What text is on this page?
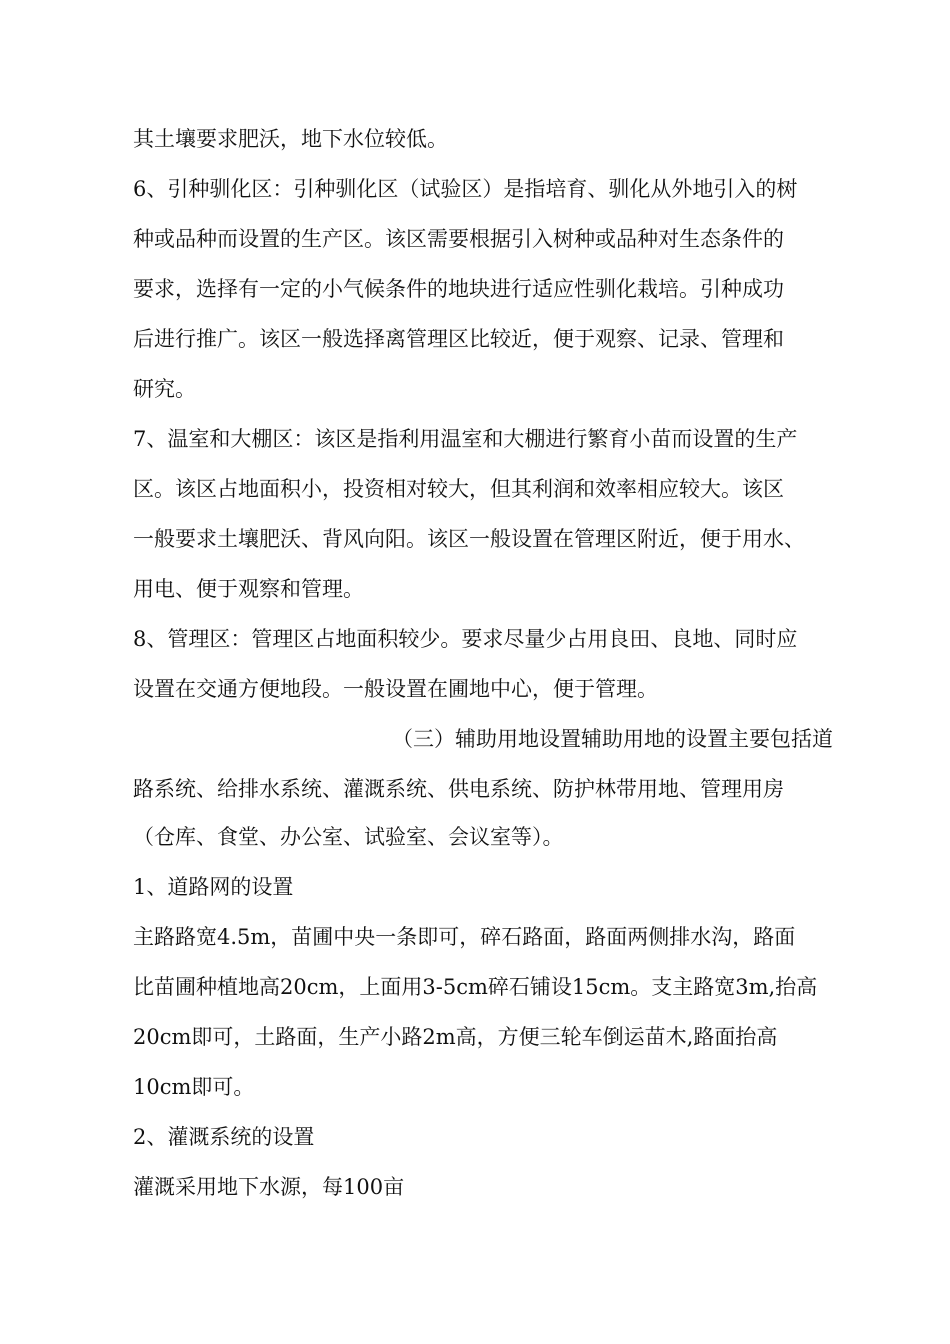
其土壤要求肥沃，地下水位较低。
6、引种驯化区：引种驯化区（试验区）是指培育、驯化从外地引入的树
种或品种而设置的生产区。该区需要根据引入树种或品种对生态条件的
要求，选择有一定的小气候条件的地块进行适应性驯化栽培。引种成功
后进行推广。该区一般选择离管理区比较近，便于观察、记录、管理和
研究。
7、温室和大棚区：该区是指利用温室和大棚进行繁育小苗而设置的生产
区。该区占地面积小，投资相对较大，但其利润和效率相应较大。该区
一般要求土壤肥沃、背风向阳。该区一般设置在管理区附近，便于用水、
用电、便于观察和管理。
8、管理区：管理区占地面积较少。要求尽量少占用良田、良地、同时应
设置在交通方便地段。一般设置在圃地中心，便于管理。
（三）辅助用地设置辅助用地的设置主要包括道
路系统、给排水系统、灌溉系统、供电系统、防护林带用地、管理用房
（仓库、食堂、办公室、试验室、会议室等）。
1、道路网的设置
主路路宽4.5m，苗圃中央一条即可，碎石路面，路面两侧排水沟，路面
比苗圃种植地高20cm，上面用3-5cm碎石铺设15cm。支主路宽3m,抬高
20cm即可，土路面，生产小路2m高，方便三轮车倒运苗木,路面抬高
10cm即可。
2、灌溉系统的设置
灌溉采用地下水源，每100亩
